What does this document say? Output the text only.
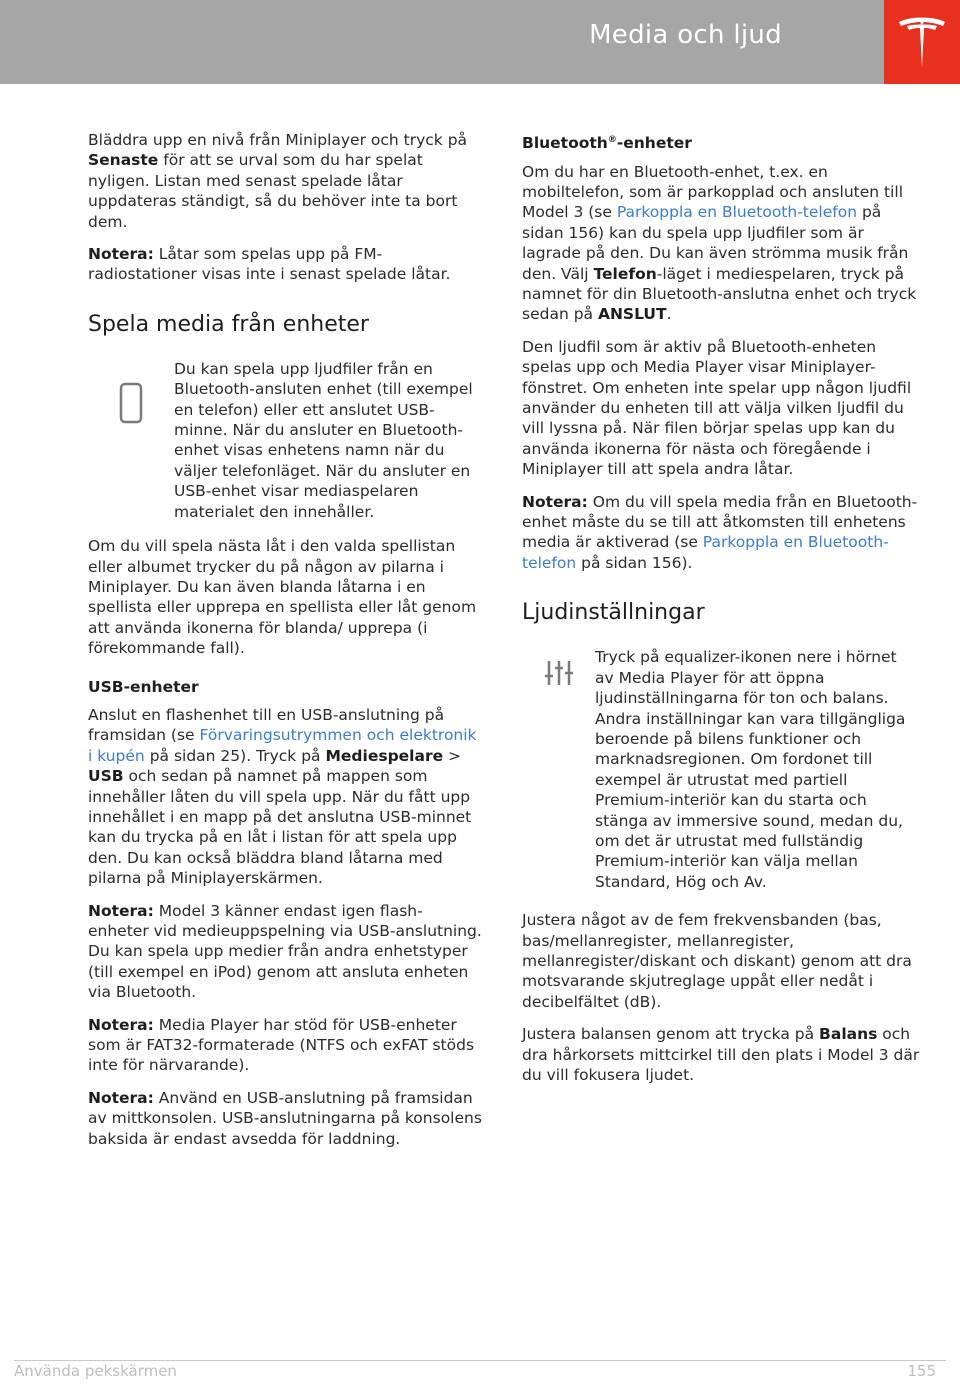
Media och ljud

Bläddra upp en nivå från Miniplayer och tryck på Senaste för att se urval som du har spelat nyligen. Listan med senast spelade låtar uppdateras ständigt, så du behöver inte ta bort dem.

Notera: Låtar som spelas upp på FM-radiostationer visas inte i senast spelade låtar.

Spela media från enheter
Du kan spela upp ljudfiler från en Bluetooth-ansluten enhet (till exempel en telefon) eller ett anslutet USB-minne. När du ansluter en Bluetooth-enhet visas enhetens namn när du väljer telefonläget. När du ansluter en USB-enhet visar mediaspelaren materialet den innehåller.

Om du vill spela nästa låt i den valda spellistan eller albumet trycker du på någon av pilarna i Miniplayer. Du kan även blanda låtarna i en spellista eller upprepa en spellista eller låt genom att använda ikonerna för blanda/ upprepa (i förekommande fall).

USB-enheter

Anslut en flashenhet till en USB-anslutning på framsidan (se Förvaringsutrymmen och elektronik i kupén på sidan 25). Tryck på Mediespelare > USB och sedan på namnet på mappen som innehåller låten du vill spela upp. När du fått upp innehållet i en mapp på det anslutna USB-minnet kan du trycka på en låt i listan för att spela upp den. Du kan också bläddra bland låtarna med pilarna på Miniplayerskärmen.

Notera: Model 3 känner endast igen flash-enheter vid medieuppspelning via USB-anslutning. Du kan spela upp medier från andra enhetstyper (till exempel en iPod) genom att ansluta enheten via Bluetooth.

Notera: Media Player har stöd för USB-enheter som är FAT32-formaterade (NTFS och exFAT stöds inte för närvarande).

Notera: Använd en USB-anslutning på framsidan av mittkonsolen. USB-anslutningarna på konsolens baksida är endast avsedda för laddning.

Bluetooth®-enheter

Om du har en Bluetooth-enhet, t.ex. en mobiltelefon, som är parkopplad och ansluten till Model 3 (se Parkoppla en Bluetooth-telefon på sidan 156) kan du spela upp ljudfiler som är lagrade på den. Du kan även strömma musik från den. Välj Telefon-läget i mediespelaren, tryck på namnet för din Bluetooth-anslutna enhet och tryck sedan på ANSLUT.

Den ljudfil som är aktiv på Bluetooth-enheten spelas upp och Media Player visar Miniplayer-fönstret. Om enheten inte spelar upp någon ljudfil använder du enheten till att välja vilken ljudfil du vill lyssna på. När filen börjar spelas upp kan du använda ikonerna för nästa och föregående i Miniplayer till att spela andra låtar.

Notera: Om du vill spela media från en Bluetooth-enhet måste du se till att åtkomsten till enhetens media är aktiverad (se Parkoppla en Bluetooth-telefon på sidan 156).

Ljudinställningar
Tryck på equalizer-ikonen nere i hörnet av Media Player för att öppna ljudinställningarna för ton och balans. Andra inställningar kan vara tillgängliga beroende på bilens funktioner och marknadsregionen. Om fordonet till exempel är utrustat med partiell Premium-interiör kan du starta och stänga av immersive sound, medan du, om det är utrustat med fullständig Premium-interiör kan välja mellan Standard, Hög och Av.

Justera något av de fem frekvensbanden (bas, bas/mellanregister, mellanregister, mellanregister/diskant och diskant) genom att dra motsvarande skjutreglage uppåt eller nedåt i decibelfältet (dB).

Justera balansen genom att trycka på Balans och dra hårkorsets mittcirkel till den plats i Model 3 där du vill fokusera ljudet.

Använda pekskärmen	155
